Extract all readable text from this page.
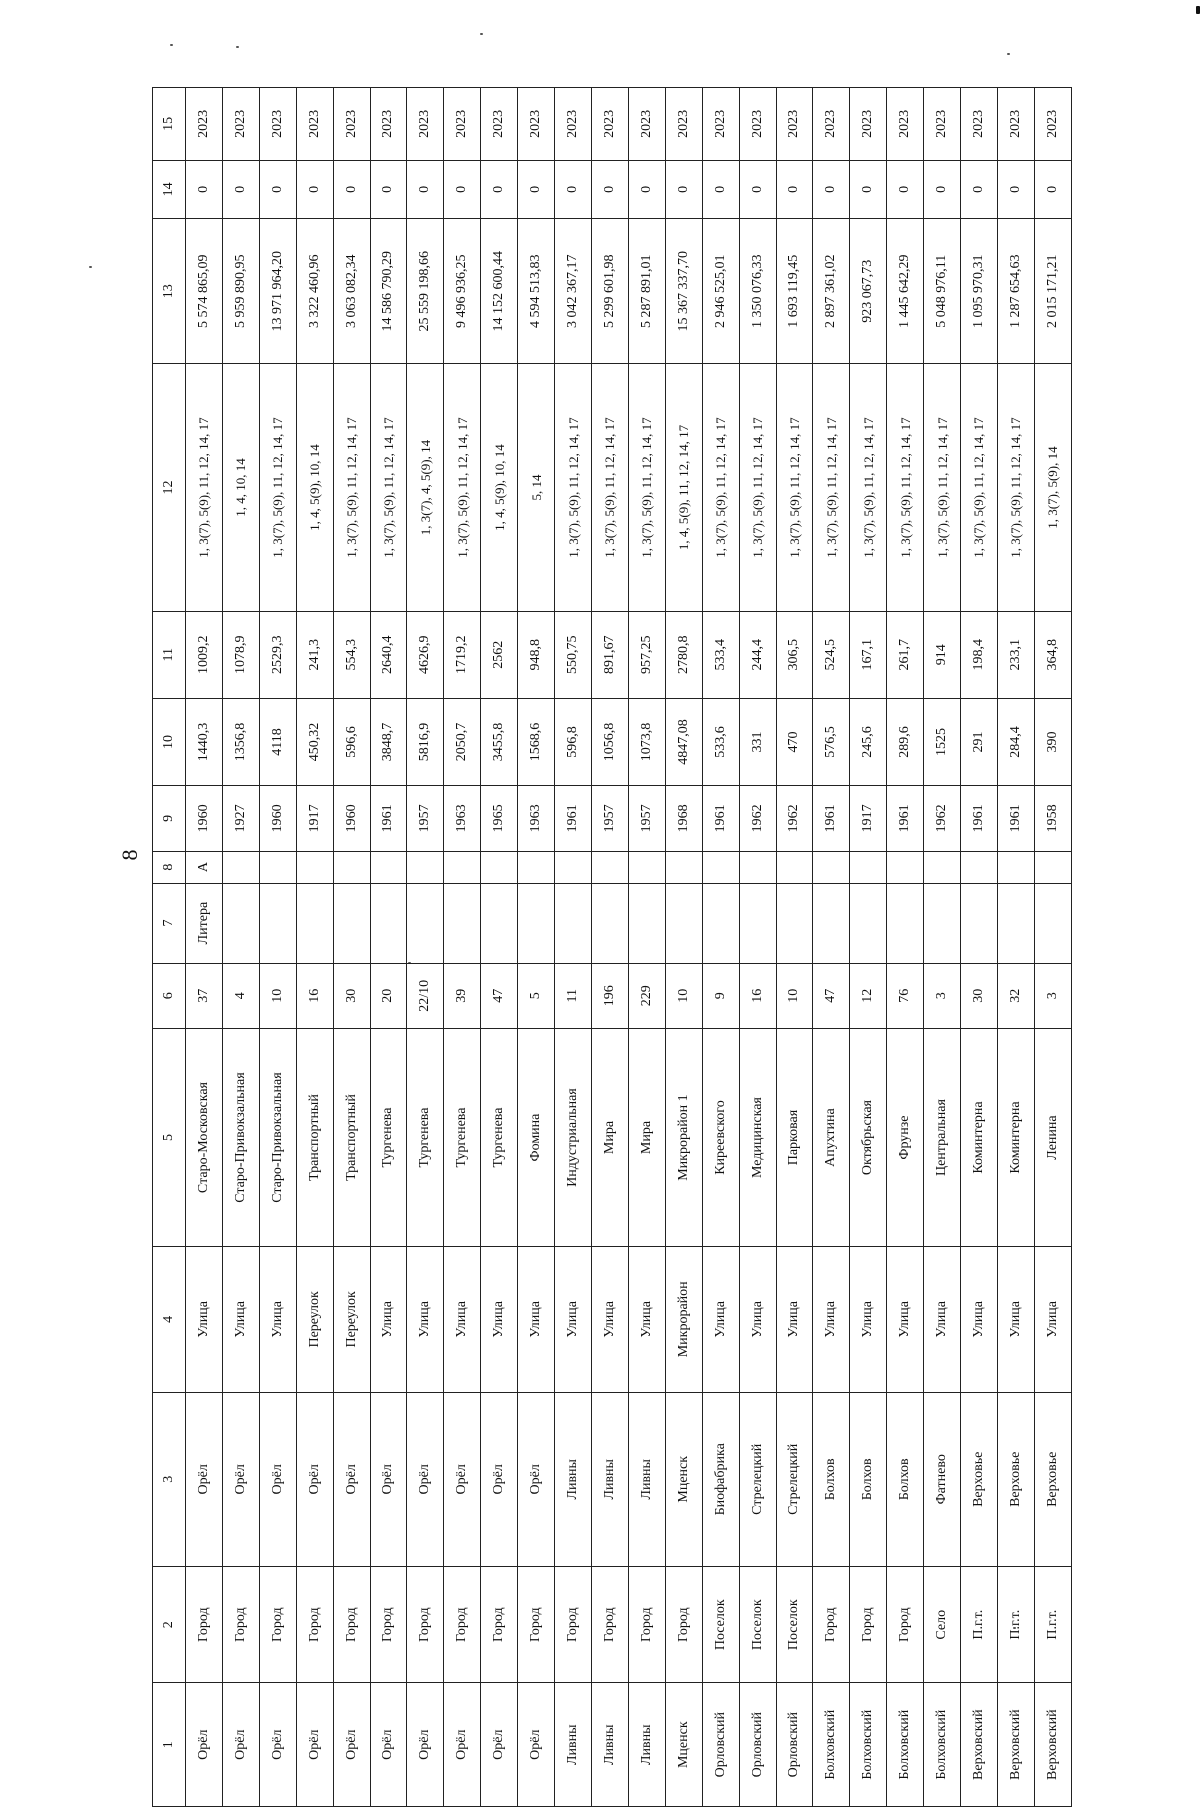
8
1	2	3	4	5	6	7	8	9	10	11	12	13	14	15
Орёл	Город	Орёл	Улица	Старо-Московская	37	Литера	А	1960	1440,3	1009,2	1, 3(7), 5(9), 11, 12, 14, 17	5 574 865,09	0	2023
Орёл	Город	Орёл	Улица	Старо-Привокзальная	4			1927	1356,8	1078,9	1, 4, 10, 14	5 959 890,95	0	2023
Орёл	Город	Орёл	Улица	Старо-Привокзальная	10			1960	4118	2529,3	1, 3(7), 5(9), 11, 12, 14, 17	13 971 964,20	0	2023
Орёл	Город	Орёл	Переулок	Транспортный	16			1917	450,32	241,3	1, 4, 5(9), 10, 14	3 322 460,96	0	2023
Орёл	Город	Орёл	Переулок	Транспортный	30			1960	596,6	554,3	1, 3(7), 5(9), 11, 12, 14, 17	3 063 082,34	0	2023
Орёл	Город	Орёл	Улица	Тургенева	20			1961	3848,7	2640,4	1, 3(7), 5(9), 11, 12, 14, 17	14 586 790,29	0	2023
Орёл	Город	Орёл	Улица	Тургенева	22/10			1957	5816,9	4626,9	1, 3(7), 4, 5(9), 14	25 559 198,66	0	2023
Орёл	Город	Орёл	Улица	Тургенева	39			1963	2050,7	1719,2	1, 3(7), 5(9), 11, 12, 14, 17	9 496 936,25	0	2023
Орёл	Город	Орёл	Улица	Тургенева	47			1965	3455,8	2562	1, 4, 5(9), 10, 14	14 152 600,44	0	2023
Орёл	Город	Орёл	Улица	Фомина	5			1963	1568,6	948,8	5, 14	4 594 513,83	0	2023
Ливны	Город	Ливны	Улица	Индустриальная	11			1961	596,8	550,75	1, 3(7), 5(9), 11, 12, 14, 17	3 042 367,17	0	2023
Ливны	Город	Ливны	Улица	Мира	196			1957	1056,8	891,67	1, 3(7), 5(9), 11, 12, 14, 17	5 299 601,98	0	2023
Ливны	Город	Ливны	Улица	Мира	229			1957	1073,8	957,25	1, 3(7), 5(9), 11, 12, 14, 17	5 287 891,01	0	2023
Мценск	Город	Мценск	Микрорайон	Микрорайон 1	10			1968	4847,08	2780,8	1, 4, 5(9), 11, 12, 14, 17	15 367 337,70	0	2023
Орловский	Поселок	Биофабрика	Улица	Киреевского	9			1961	533,6	533,4	1, 3(7), 5(9), 11, 12, 14, 17	2 946 525,01	0	2023
Орловский	Поселок	Стрелецкий	Улица	Медицинская	16			1962	331	244,4	1, 3(7), 5(9), 11, 12, 14, 17	1 350 076,33	0	2023
Орловский	Поселок	Стрелецкий	Улица	Парковая	10			1962	470	306,5	1, 3(7), 5(9), 11, 12, 14, 17	1 693 119,45	0	2023
Болховский	Город	Болхов	Улица	Апухтина	47			1961	576,5	524,5	1, 3(7), 5(9), 11, 12, 14, 17	2 897 361,02	0	2023
Болховский	Город	Болхов	Улица	Октябрьская	12			1917	245,6	167,1	1, 3(7), 5(9), 11, 12, 14, 17	923 067,73	0	2023
Болховский	Город	Болхов	Улица	Фрунзе	76			1961	289,6	261,7	1, 3(7), 5(9), 11, 12, 14, 17	1 445 642,29	0	2023
Болховский	Село	Фатнево	Улица	Центральная	3			1962	1525	914	1, 3(7), 5(9), 11, 12, 14, 17	5 048 976,11	0	2023
Верховский	П.г.т.	Верховье	Улица	Коминтерна	30			1961	291	198,4	1, 3(7), 5(9), 11, 12, 14, 17	1 095 970,31	0	2023
Верховский	П.г.т.	Верховье	Улица	Коминтерна	32			1961	284,4	233,1	1, 3(7), 5(9), 11, 12, 14, 17	1 287 654,63	0	2023
Верховский	П.г.т.	Верховье	Улица	Ленина	3			1958	390	364,8	1, 3(7), 5(9), 14	2 015 171,21	0	2023
